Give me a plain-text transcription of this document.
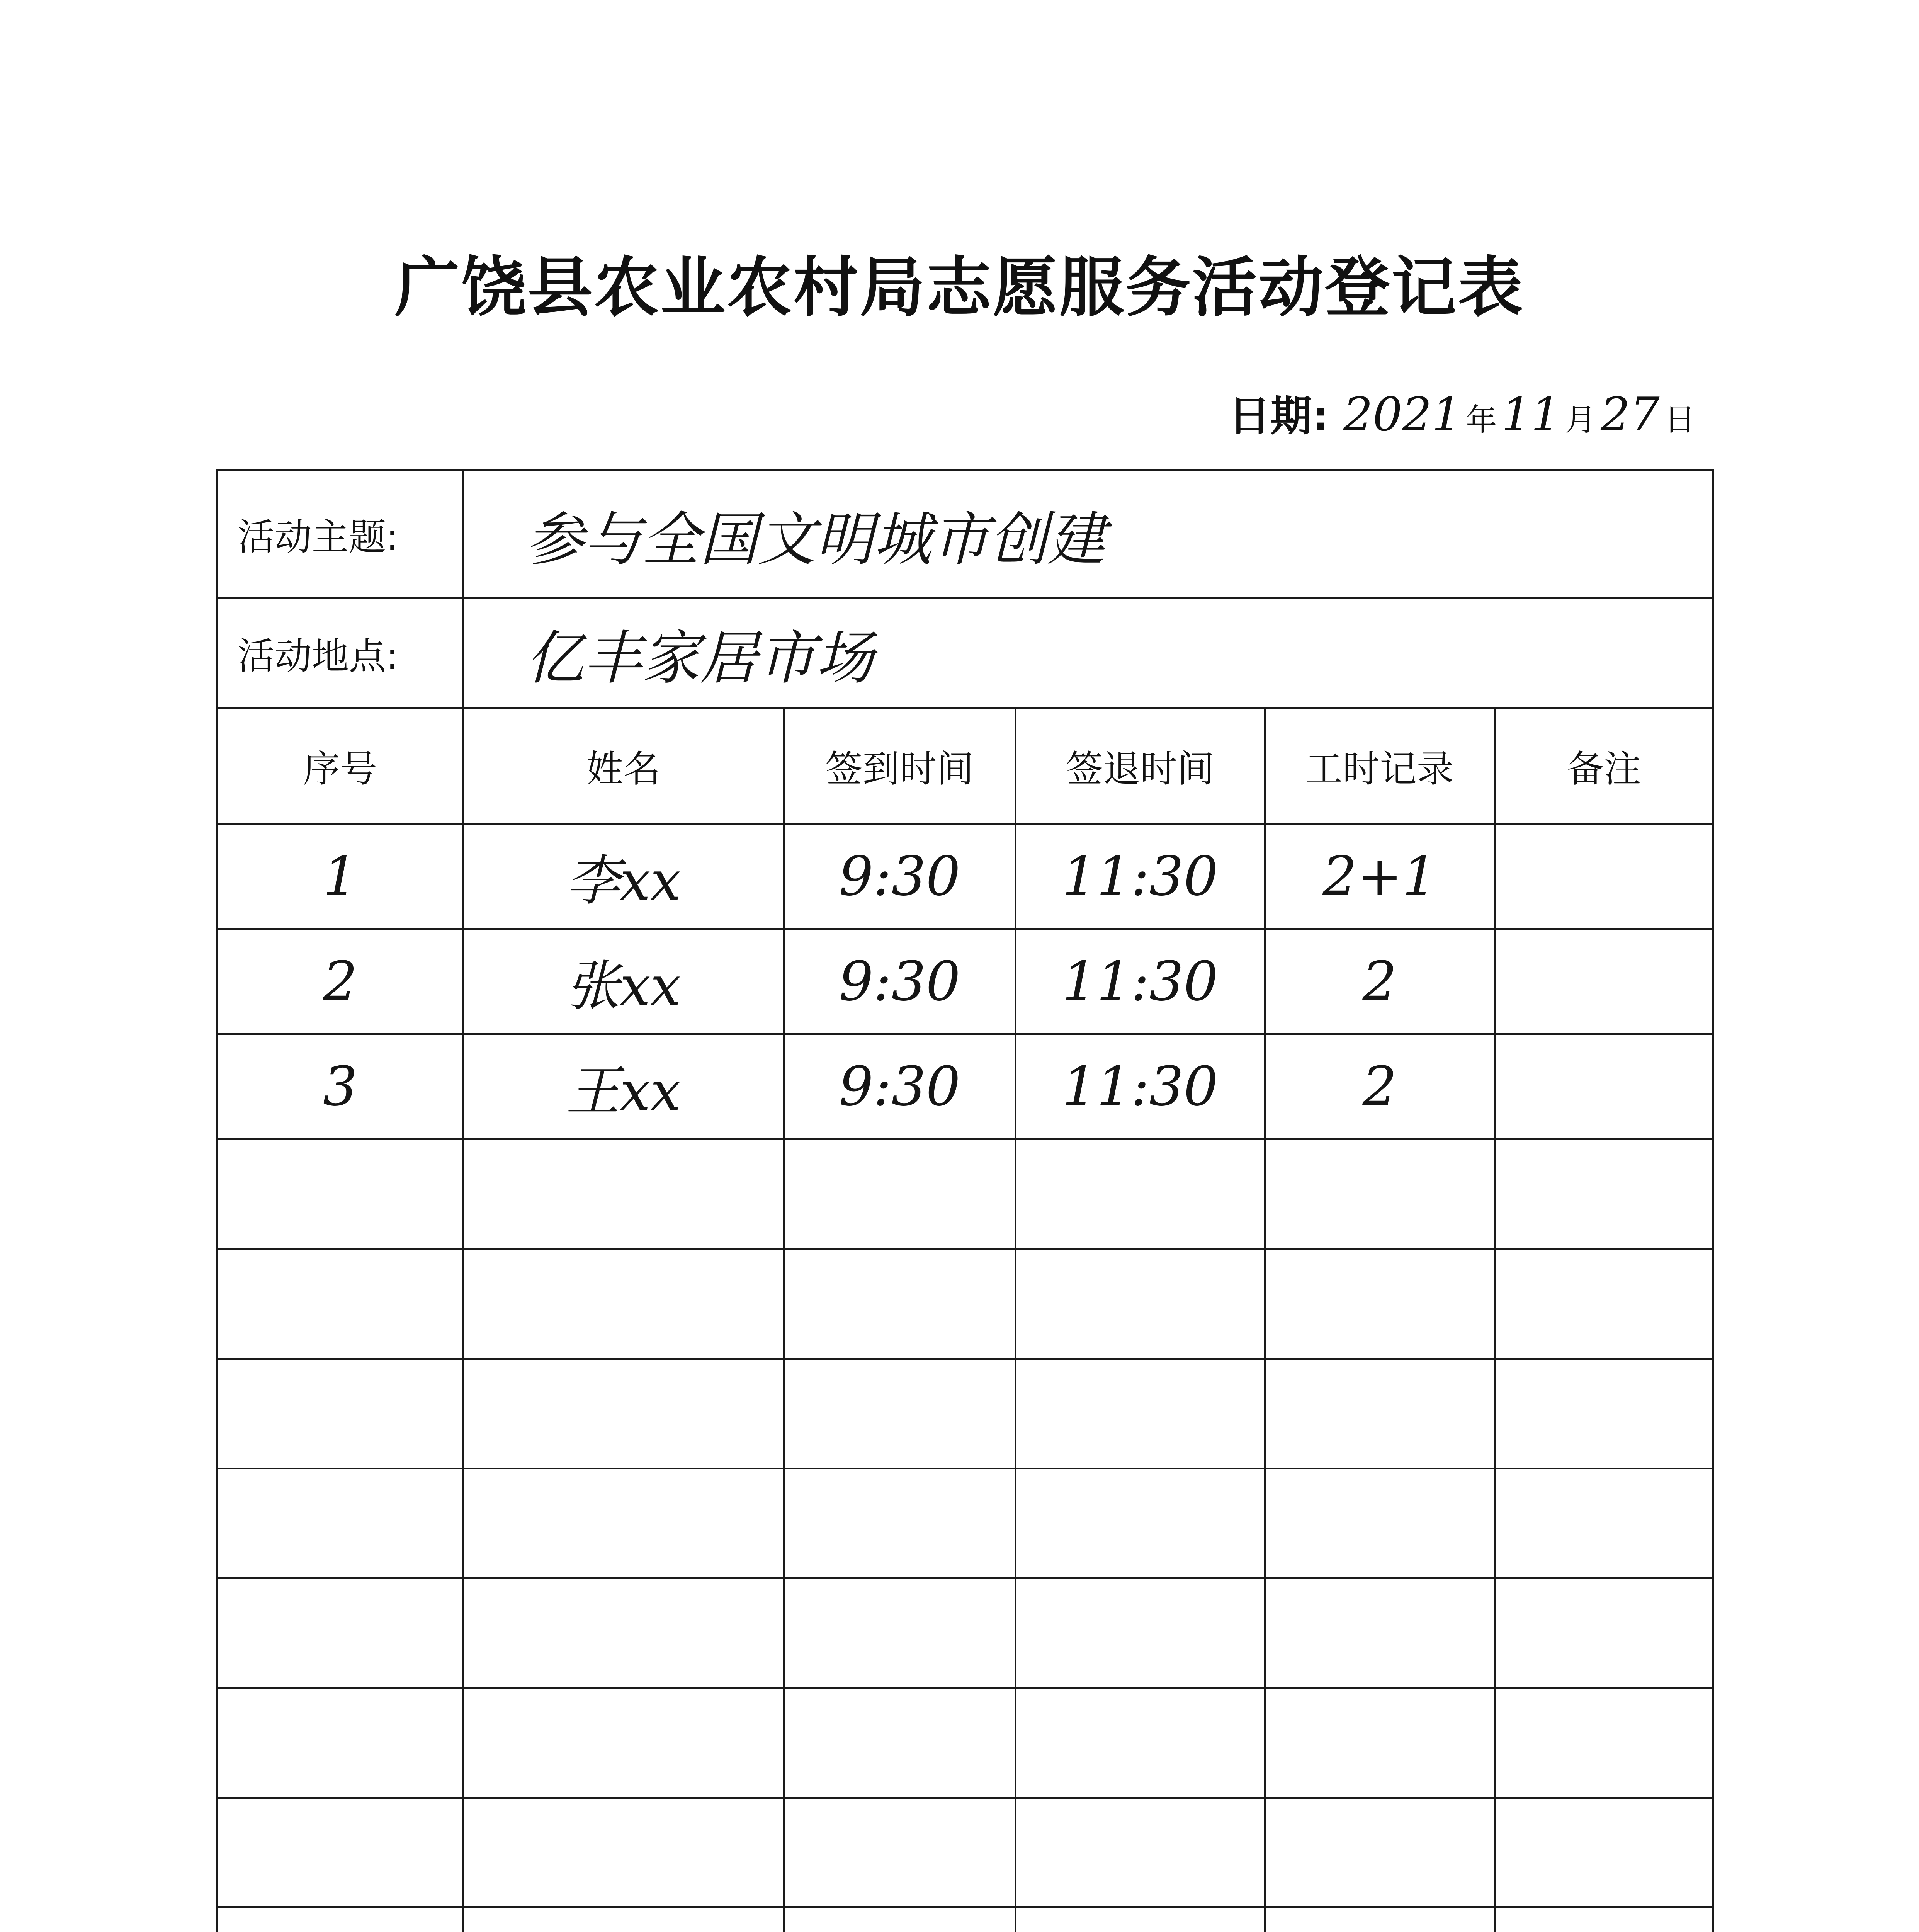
广饶县农业农村局志愿服务活动登记表
日期: 2021 年 11 月 27 日
活动主题:	参与全国文明城市创建				
活动地点:	亿丰家居市场				
序号	姓名	签到时间	签退时间	工时记录	备注
1	李xx	9:30	11:30	2+1	
2	张xx	9:30	11:30	2	
3	王xx	9:30	11:30	2	
